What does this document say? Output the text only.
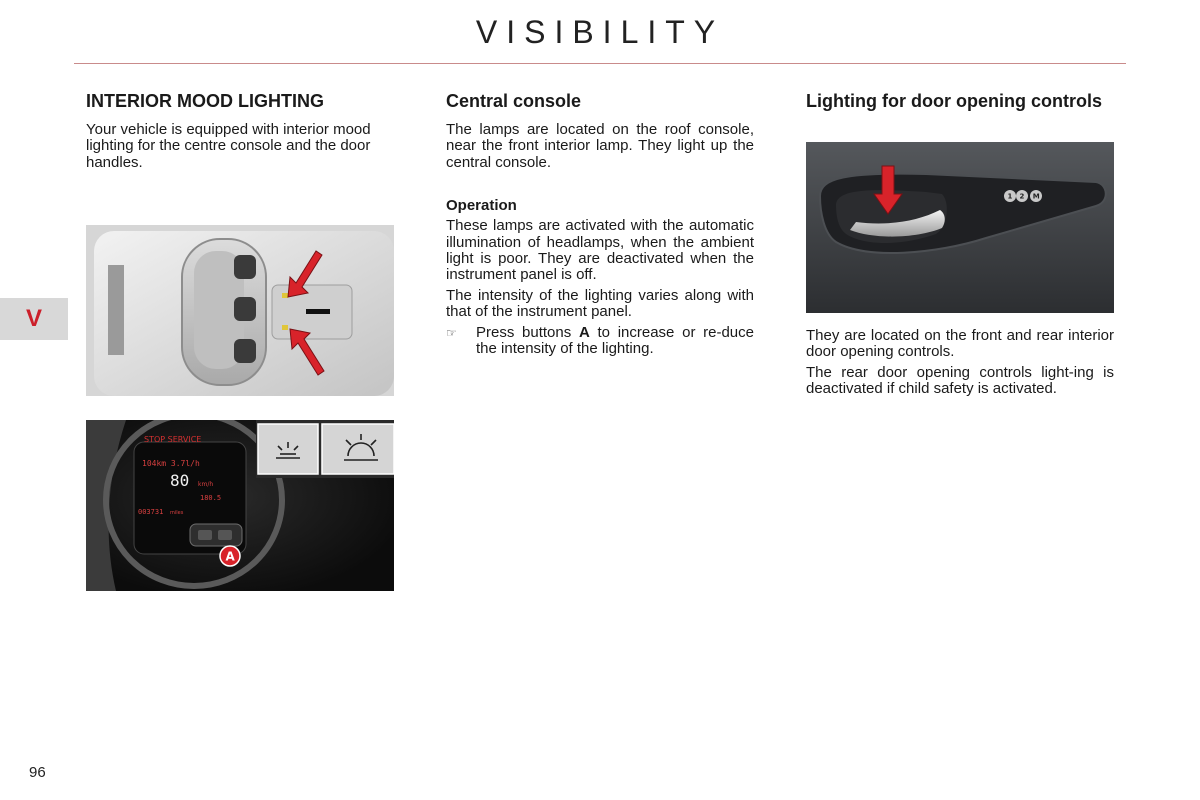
VISIBILITY
V
INTERIOR MOOD LIGHTING

Your vehicle is equipped with interior mood lighting for the centre console and the door handles.

STOP SERVICE
104km 3.7l/h
80 km/h
180.5
003731 miles
A
Central console

The lamps are located on the roof console, near the front interior lamp. They light up the central console.

Operation

These lamps are activated with the automatic illumination of headlamps, when the ambient light is poor. They are deactivated when the instrument panel is off.

The intensity of the lighting varies along with that of the instrument panel.

☞	Press buttons A to increase or re-duce the intensity of the lighting.
Lighting for door opening controls
1 2 M

They are located on the front and rear interior door opening controls.

The rear door opening controls light-ing is deactivated if child safety is activated.

96
